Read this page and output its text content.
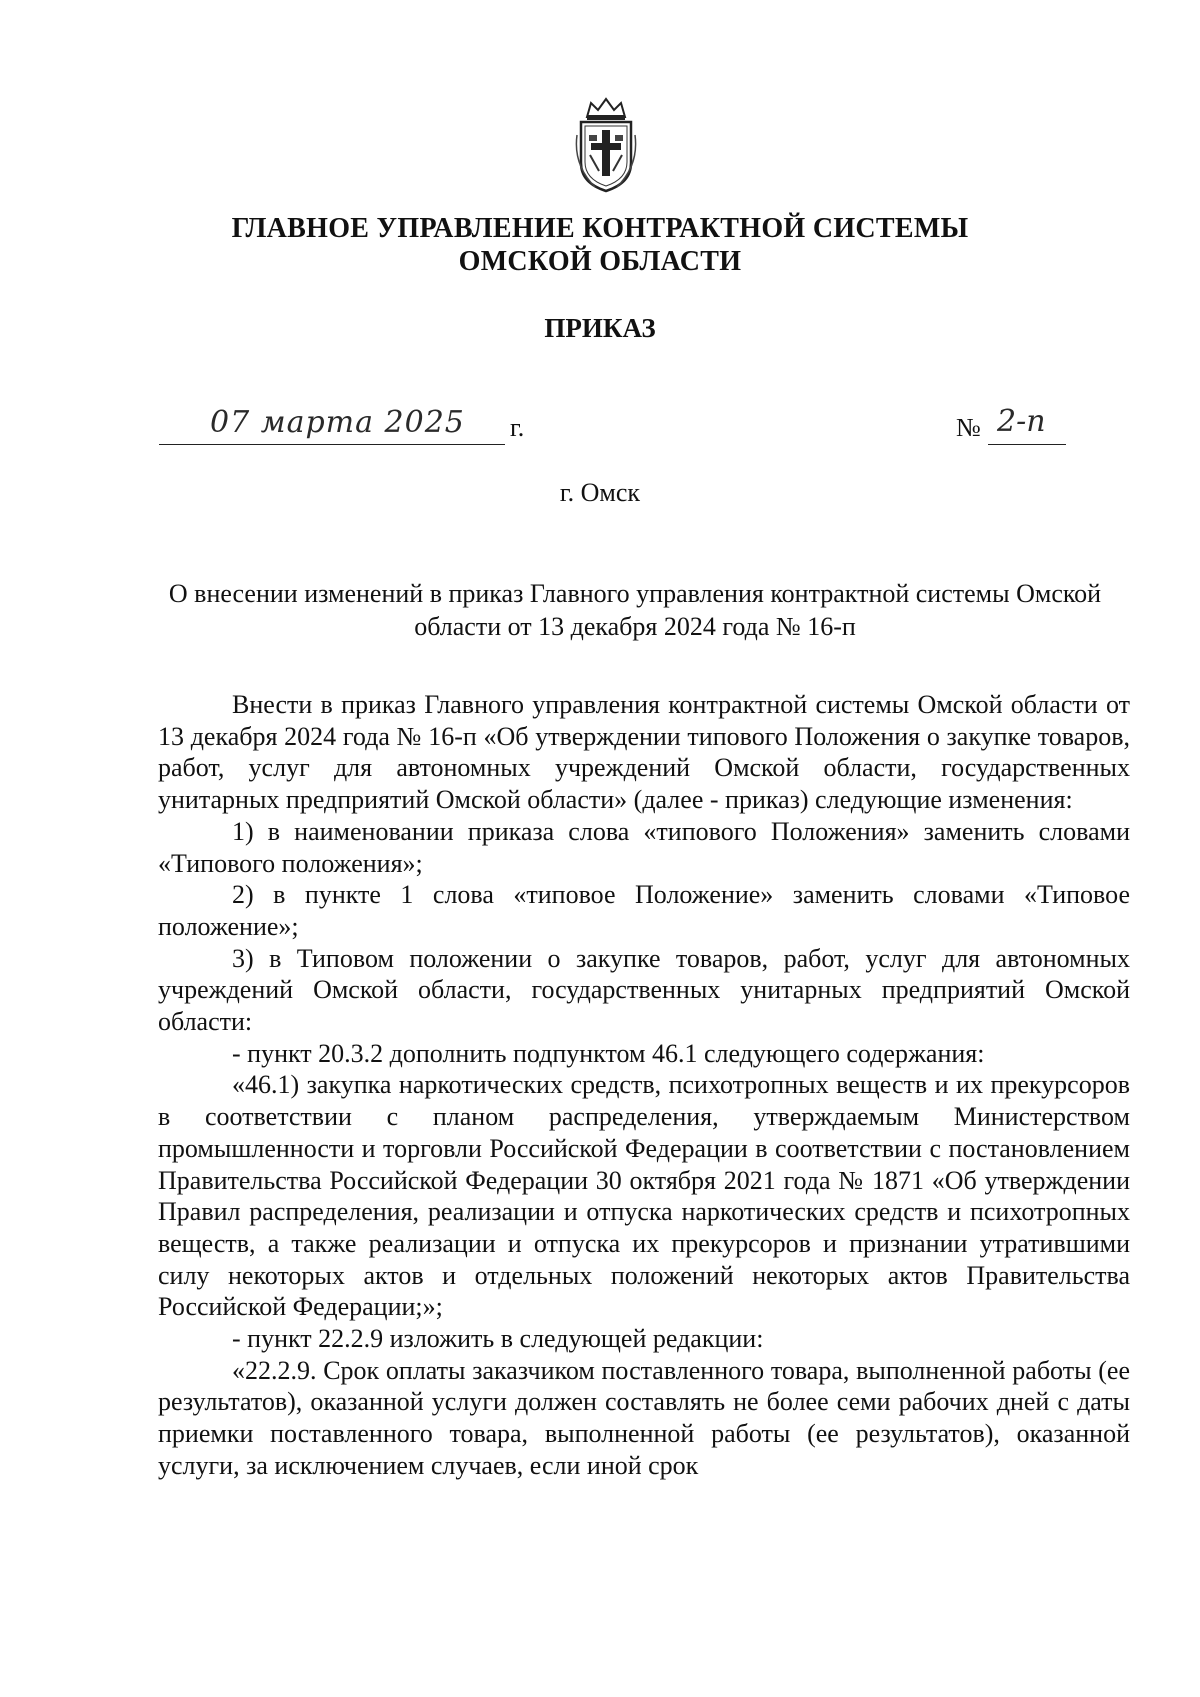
ГЛАВНОЕ УПРАВЛЕНИЕ КОНТРАКТНОЙ СИСТЕМЫ
ОМСКОЙ ОБЛАСТИ
ПРИКАЗ
07 марта 2025 г.	№ 2-п
г. Омск
О внесении изменений в приказ Главного управления контрактной системы Омской области от 13 декабря 2024 года № 16-п

Внести в приказ Главного управления контрактной системы Омской области от 13 декабря 2024 года № 16-п «Об утверждении типового Положения о закупке товаров, работ, услуг для автономных учреждений Омской области, государственных унитарных предприятий Омской области» (далее - приказ) следующие изменения:

1) в наименовании приказа слова «типового Положения» заменить словами «Типового положения»;

2) в пункте 1 слова «типовое Положение» заменить словами «Типовое положение»;

3) в Типовом положении о закупке товаров, работ, услуг для автономных учреждений Омской области, государственных унитарных предприятий Омской области:

- пункт 20.3.2 дополнить подпунктом 46.1 следующего содержания:

«46.1) закупка наркотических средств, психотропных веществ и их прекурсоров в соответствии с планом распределения, утверждаемым Министерством промышленности и торговли Российской Федерации в соответствии с постановлением Правительства Российской Федерации 30 октября 2021 года № 1871 «Об утверждении Правил распределения, реализации и отпуска наркотических средств и психотропных веществ, а также реализации и отпуска их прекурсоров и признании утратившими силу некоторых актов и отдельных положений некоторых актов Правительства Российской Федерации;»;

- пункт 22.2.9 изложить в следующей редакции:

«22.2.9. Срок оплаты заказчиком поставленного товара, выполненной работы (ее результатов), оказанной услуги должен составлять не более семи рабочих дней с даты приемки поставленного товара, выполненной работы (ее результатов), оказанной услуги, за исключением случаев, если иной срок
